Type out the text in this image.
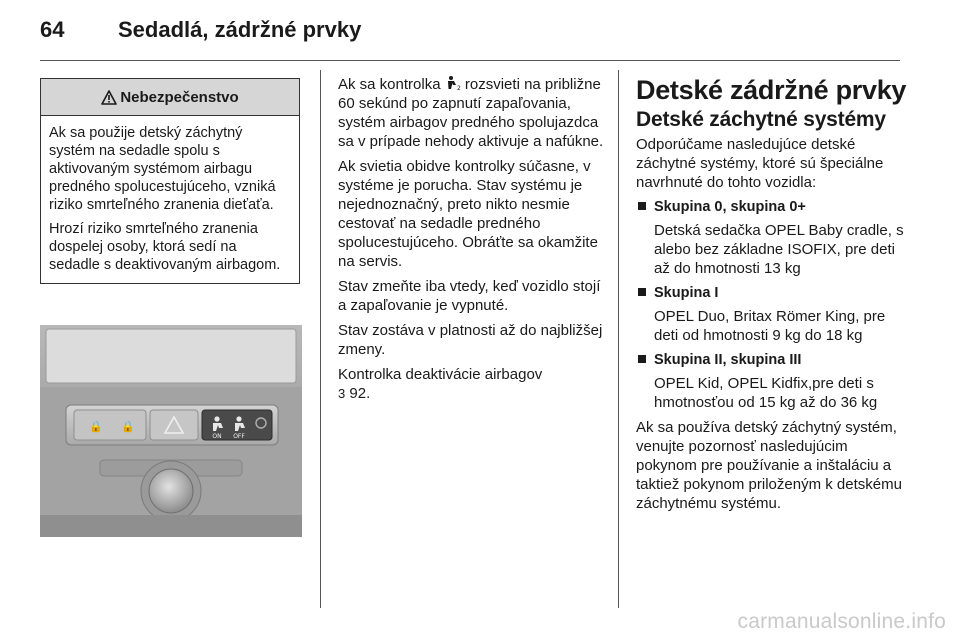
64 Sedadlá, zádržné prvky
Nebezpečenstvo

Ak sa použije detský záchytný systém na sedadle spolu s aktivovaným systémom airbagu predného spolucestujúceho, vzniká riziko smrteľného zranenia dieťaťa.

Hrozí riziko smrteľného zranenia dospelej osoby, ktorá sedí na sedadle s deaktivovaným airbagom.

🔒 🔒
ON OFF

Ak sa kontrolka	2 rozsvieti na približne 60 sekúnd po zapnutí zapaľovania, systém airbagov predného spolujazdca sa v prípade nehody aktivuje a nafúkne.

Ak svietia obidve kontrolky súčasne, v systéme je porucha. Stav systému je nejednoznačný, preto nikto nesmie cestovať na sedadle predného spolucestujúceho. Obráťte sa okamžite na servis.

Stav zmeňte iba vtedy, keď vozidlo stojí a zapaľovanie je vypnuté.

Stav zostáva v platnosti až do najbližšej zmeny.

Kontrolka deaktivácie airbagov
3 92.

Detské zádržné prvky
Detské záchytné systémy

Odporúčame nasledujúce detské záchytné systémy, ktoré sú špeciálne navrhnuté do tohto vozidla:

Skupina 0, skupina 0+
Detská sedačka OPEL Baby cradle, s alebo bez základne ISOFIX, pre deti až do hmotnosti 13 kg
Skupina I
OPEL Duo, Britax Römer King, pre deti od hmotnosti 9 kg do 18 kg
Skupina II, skupina III
OPEL Kid, OPEL Kidfix,pre deti s hmotnosťou od 15 kg až do 36 kg

Ak sa používa detský záchytný systém, venujte pozornosť nasledujúcim pokynom pre používanie a inštaláciu a taktiež pokynom priloženým k detskému záchytnému systému.

carmanualsonline.info
